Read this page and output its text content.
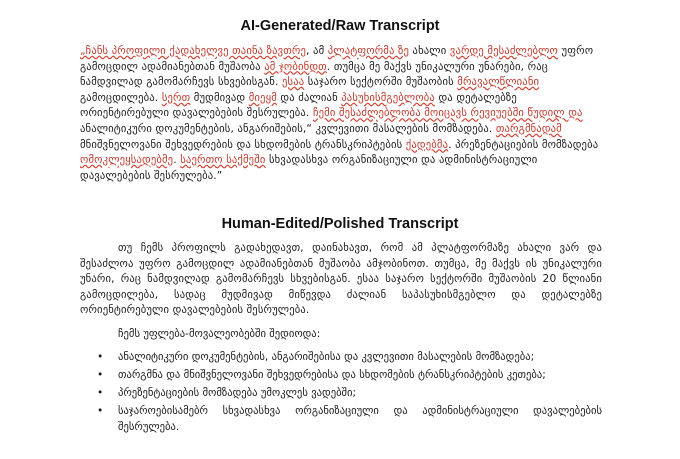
AI-Generated/Raw Transcript
„ჩანს პროფილი ქადახელვე თაინა ზავთრე, ამ პლატფორმა ზე ახალი ვარდე მესაძლებლო უფრო გამოცდილ ადამიანებთან მუშაობა ამ ჯობინდთ. თუმცა მე მაქვს უნიკალური უნარები, რაც ნამდვილად გამომარჩევს სხვებისგან. ესაა საჯარო სექტორში მუშაობის მრავალწლიანი გამოცდილება. სერთ მუდმივად მიეყმ და ძალიან პასუხისმგებლობა და დეტალებზე ორიენტირებული დავალებების შესრულება. ჩემი შესაძლებლობა მოიცავს რევიუებში წუდილ და ანალიტიკური დოკუმენტების, ანგარიშების,“ კვლევითი მასალების მომზადება. თარგმნადამ მნიშვნელოვანი შეხვედრების და სხდომების ტრანსკრიპტების ქადებმა. პრეზენტაციების მომზადება ომოკლეყსადებმე. საერთო საქმეში სხვადასხვა ორგანიზაციული და ადმინისტრაციული დავალებების შესრულება.”
Human-Edited/Polished Transcript
თუ ჩემს პროფილს გადახედავთ, დაინახავთ, რომ ამ პლატფორმაზე ახალი ვარ და შესაძლოა უფრო გამოცდილ ადამიანებთან მუშაობა ამჯობინოთ. თუმცა, მე მაქვს ის უნიკალური უნარი, რაც ნამდვილად გამომარჩევს სხვებისგან. ესაა საჯარო სექტორში მუშაობის 20 წლიანი გამოცდილება, სადაც მუდმივად მიწევდა ძალიან საპასუხისმგებლო და დეტალებზე ორიენტირებული დავალებების შესრულება.
ჩემს უფლება-მოვალეობებში შედიოდა:
• ანალიტიკური დოკუმენტების, ანგარიშებისა და კვლევითი მასალების მომზადება;
• თარგმნა და მნიშვნელოვანი შეხვედრებისა და სხდომების ტრანსკრიპტების კეთება;
• პრეზენტაციების მომზადება უმოკლეს ვადებში;
• საჯაროებისამებრ სხვადასხვა ორგანიზაციული და ადმინისტრაციული დავალებების შესრულება.
